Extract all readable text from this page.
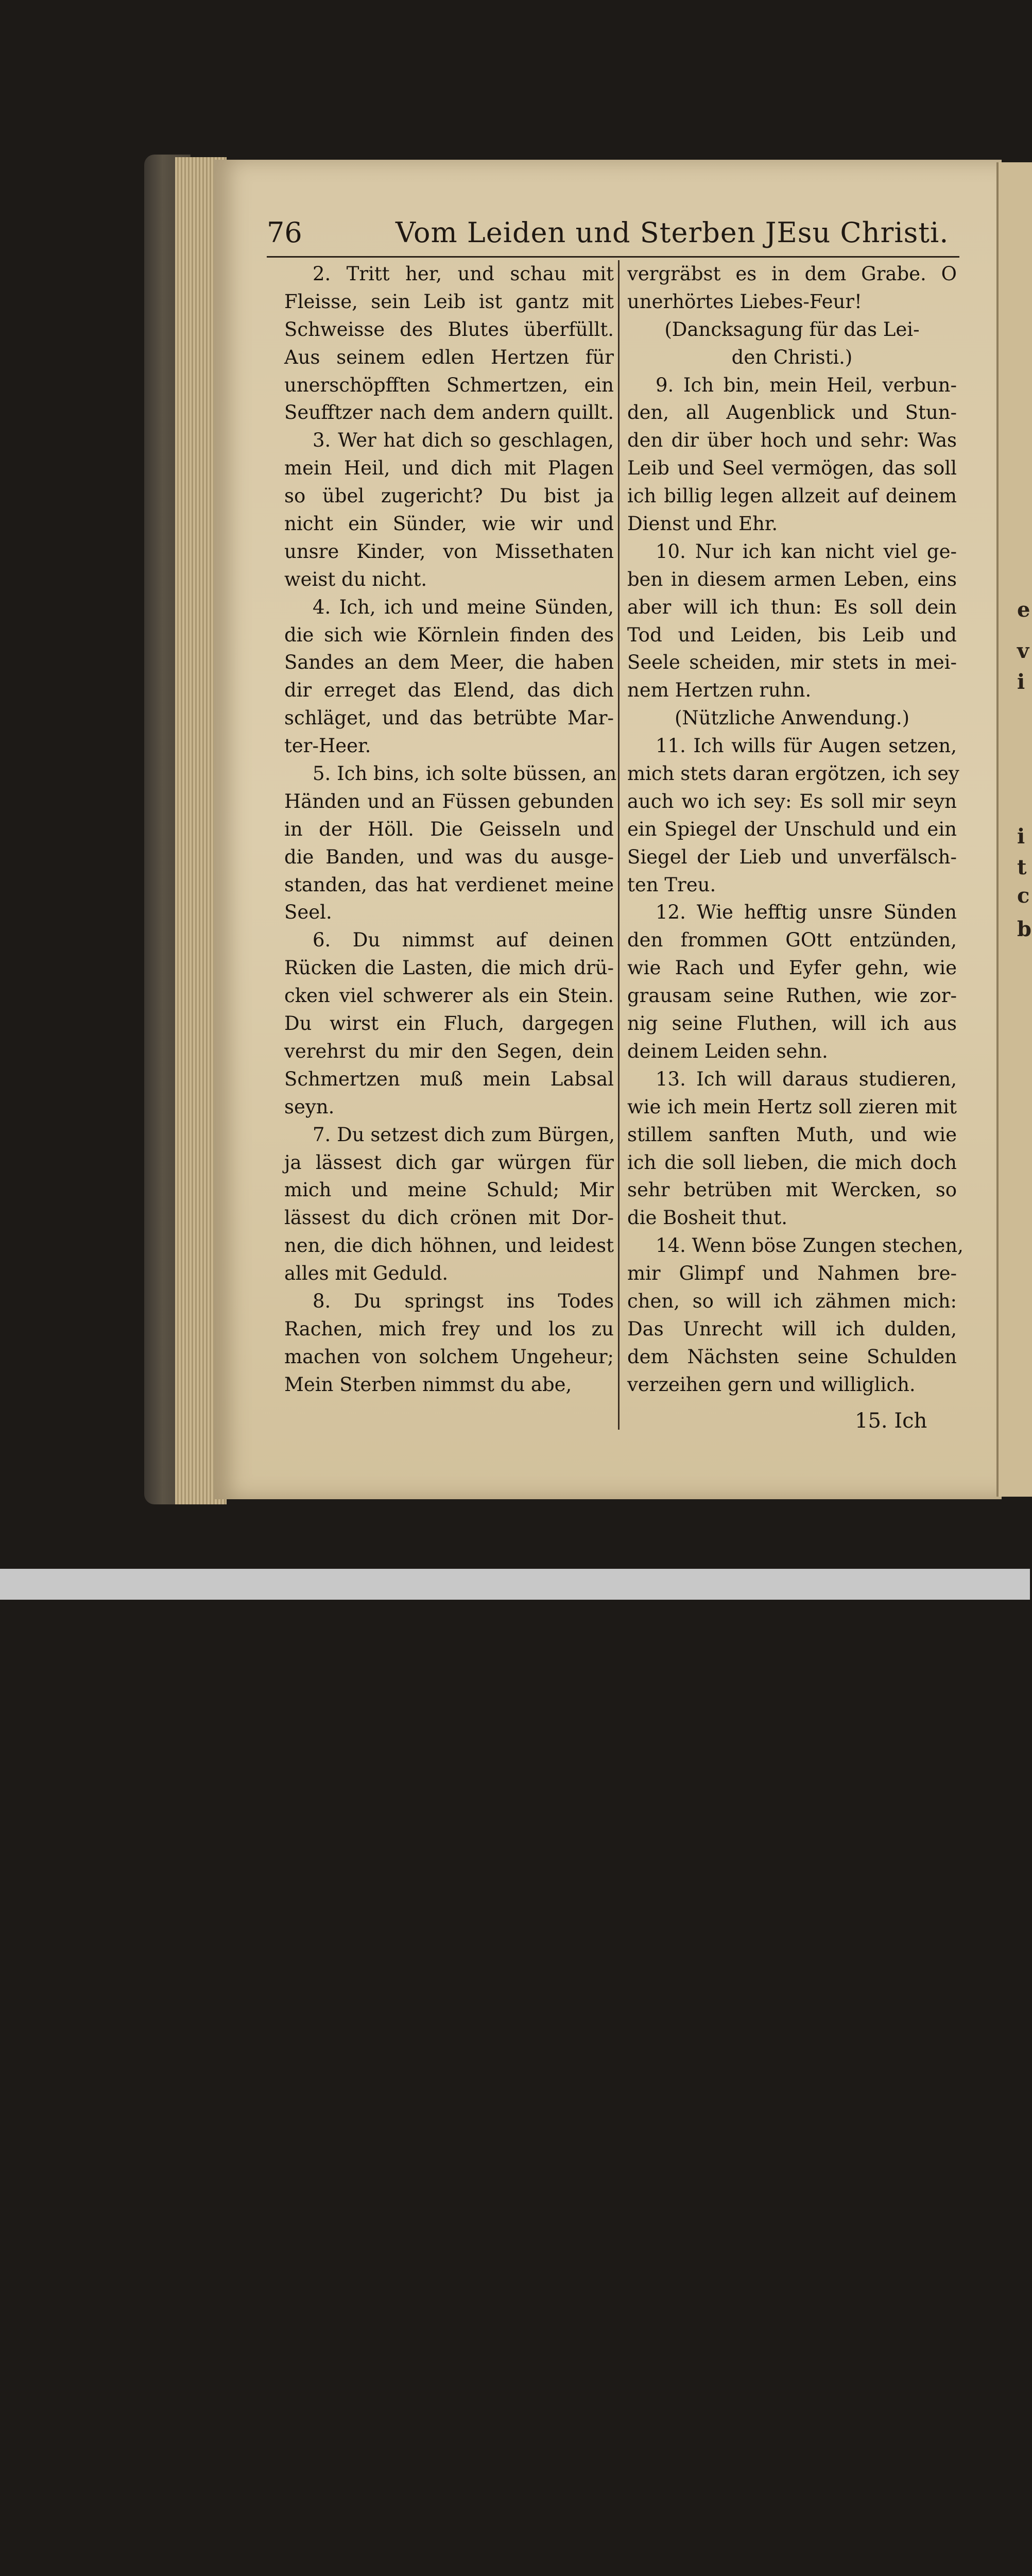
e
v
i
i
t
c
b
76	Vom Leiden und Sterben JEsu Christi.
2. Tritt her, und schau mit
Fleisse, sein Leib ist gantz mit
Schweisse des Blutes überfüllt.
Aus seinem edlen Hertzen für
unerschöpfften Schmertzen, ein
Seufftzer nach dem andern quillt.
3. Wer hat dich so geschlagen,
mein Heil, und dich mit Plagen
so übel zugericht? Du bist ja
nicht ein Sünder, wie wir und
unsre Kinder, von Missethaten
weist du nicht.
4. Ich, ich und meine Sünden,
die sich wie Körnlein finden des
Sandes an dem Meer, die haben
dir erreget das Elend, das dich
schläget, und das betrübte Mar-
ter-Heer.
5. Ich bins, ich solte büssen, an
Händen und an Füssen gebunden
in der Höll. Die Geisseln und
die Banden, und was du ausge-
standen, das hat verdienet meine
Seel.
6. Du nimmst auf deinen
Rücken die Lasten, die mich drü-
cken viel schwerer als ein Stein.
Du wirst ein Fluch, dargegen
verehrst du mir den Segen, dein
Schmertzen muß mein Labsal
seyn.
7. Du setzest dich zum Bürgen,
ja lässest dich gar würgen für
mich und meine Schuld; Mir
lässest du dich crönen mit Dor-
nen, die dich höhnen, und leidest
alles mit Geduld.
8. Du springst ins Todes
Rachen, mich frey und los zu
machen von solchem Ungeheur;
Mein Sterben nimmst du abe,
vergräbst es in dem Grabe. O
unerhörtes Liebes-Feur!
(Dancksagung für das Lei-
den Christi.)
9. Ich bin, mein Heil, verbun-
den, all Augenblick und Stun-
den dir über hoch und sehr: Was
Leib und Seel vermögen, das soll
ich billig legen allzeit auf deinem
Dienst und Ehr.
10. Nur ich kan nicht viel ge-
ben in diesem armen Leben, eins
aber will ich thun: Es soll dein
Tod und Leiden, bis Leib und
Seele scheiden, mir stets in mei-
nem Hertzen ruhn.
(Nützliche Anwendung.)
11. Ich wills für Augen setzen,
mich stets daran ergötzen, ich sey
auch wo ich sey: Es soll mir seyn
ein Spiegel der Unschuld und ein
Siegel der Lieb und unverfälsch-
ten Treu.
12. Wie hefftig unsre Sünden
den frommen GOtt entzünden,
wie Rach und Eyfer gehn, wie
grausam seine Ruthen, wie zor-
nig seine Fluthen, will ich aus
deinem Leiden sehn.
13. Ich will daraus studieren,
wie ich mein Hertz soll zieren mit
stillem sanften Muth, und wie
ich die soll lieben, die mich doch
sehr betrüben mit Wercken, so
die Bosheit thut.
14. Wenn böse Zungen stechen,
mir Glimpf und Nahmen bre-
chen, so will ich zähmen mich:
Das Unrecht will ich dulden,
dem Nächsten seine Schulden
verzeihen gern und williglich.
15. Ich
